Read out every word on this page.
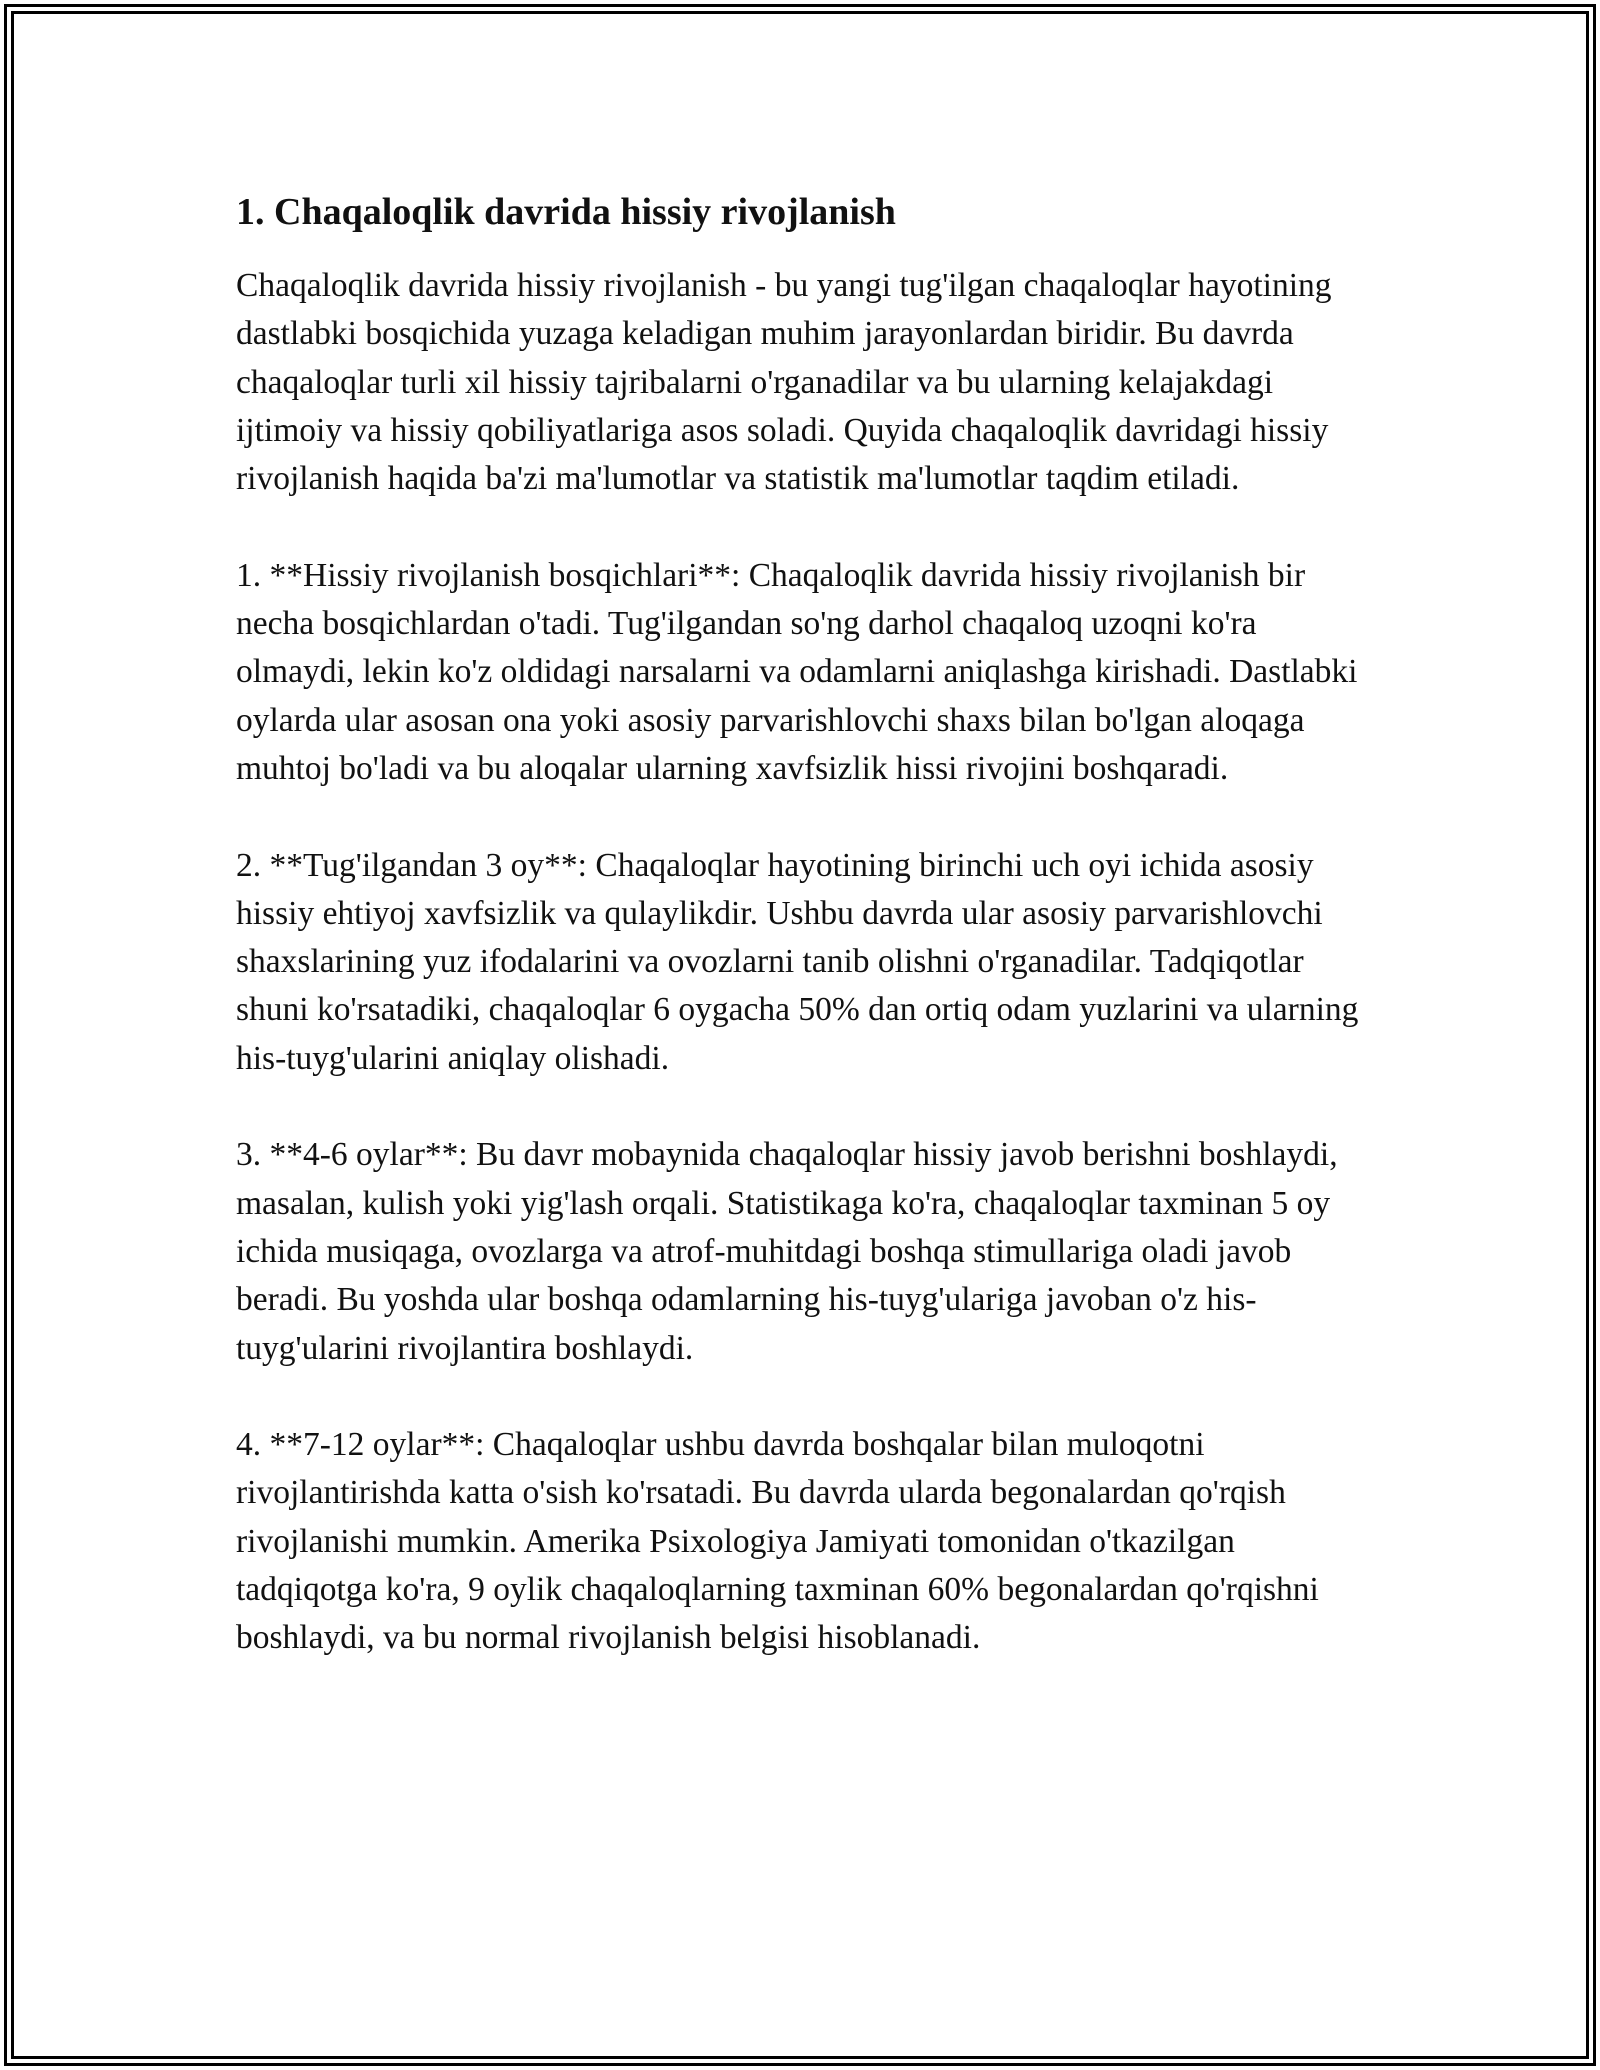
1. Chaqaloqlik davrida hissiy rivojlanish

Chaqaloqlik davrida hissiy rivojlanish - bu yangi tug'ilgan chaqaloqlar hayotining dastlabki bosqichida yuzaga keladigan muhim jarayonlardan biridir. Bu davrda chaqaloqlar turli xil hissiy tajribalarni o'rganadilar va bu ularning kelajakdagi ijtimoiy va hissiy qobiliyatlariga asos soladi. Quyida chaqaloqlik davridagi hissiy rivojlanish haqida ba'zi ma'lumotlar va statistik ma'lumotlar taqdim etiladi.

1. **Hissiy rivojlanish bosqichlari**: Chaqaloqlik davrida hissiy rivojlanish bir necha bosqichlardan o'tadi. Tug'ilgandan so'ng darhol chaqaloq uzoqni ko'ra olmaydi, lekin ko'z oldidagi narsalarni va odamlarni aniqlashga kirishadi. Dastlabki oylarda ular asosan ona yoki asosiy parvarishlovchi shaxs bilan bo'lgan aloqaga muhtoj bo'ladi va bu aloqalar ularning xavfsizlik hissi rivojini boshqaradi.

2. **Tug'ilgandan 3 oy**: Chaqaloqlar hayotining birinchi uch oyi ichida asosiy hissiy ehtiyoj xavfsizlik va qulaylikdir. Ushbu davrda ular asosiy parvarishlovchi shaxslarining yuz ifodalarini va ovozlarni tanib olishni o'rganadilar. Tadqiqotlar shuni ko'rsatadiki, chaqaloqlar 6 oygacha 50% dan ortiq odam yuzlarini va ularning his-tuyg'ularini aniqlay olishadi.

3. **4-6 oylar**: Bu davr mobaynida chaqaloqlar hissiy javob berishni boshlaydi, masalan, kulish yoki yig'lash orqali. Statistikaga ko'ra, chaqaloqlar taxminan 5 oy ichida musiqaga, ovozlarga va atrof-muhitdagi boshqa stimullariga oladi javob beradi. Bu yoshda ular boshqa odamlarning his-tuyg'ulariga javoban o'z his-tuyg'ularini rivojlantira boshlaydi.

4. **7-12 oylar**: Chaqaloqlar ushbu davrda boshqalar bilan muloqotni rivojlantirishda katta o'sish ko'rsatadi. Bu davrda ularda begonalardan qo'rqish rivojlanishi mumkin. Amerika Psixologiya Jamiyati tomonidan o'tkazilgan tadqiqotga ko'ra, 9 oylik chaqaloqlarning taxminan 60% begonalardan qo'rqishni boshlaydi, va bu normal rivojlanish belgisi hisoblanadi.
